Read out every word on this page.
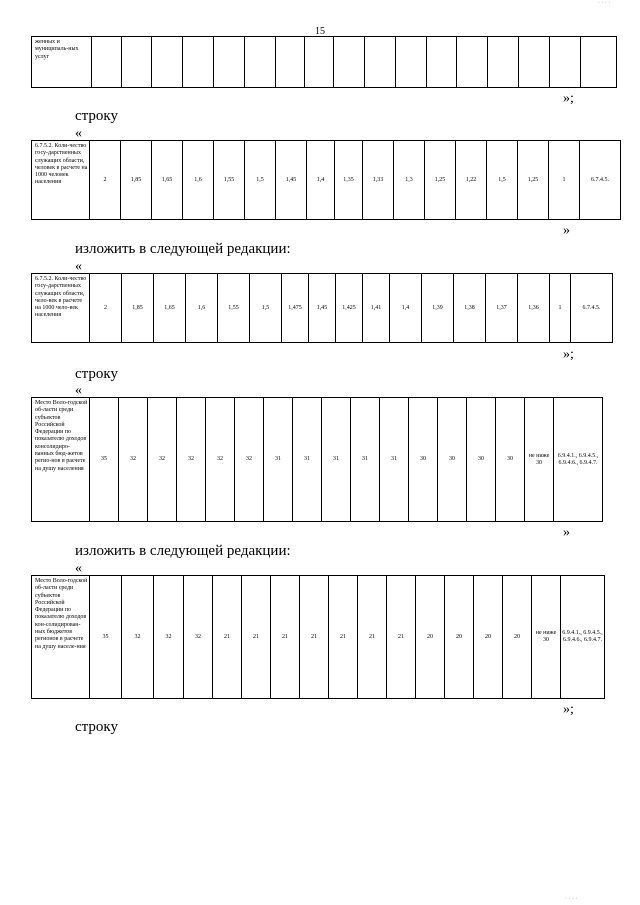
· · · ·
15
женных и муниципаль-ных услуг																	
»;
строку
«
6.7.5.2. Коли-чество госу-дарственных служащих области, человек в расчете на 1000 человек населения	2	1,85	1,65	1,6	1,55	1,5	1,45	1,4	1,35	1,33	1,3	1,25	1,22	1,5	1,25	1	6.7.4.5.
»
изложить в следующей редакции:
«
6.7.5.2. Коли-чество госу-дарственных служащих области, чело-век в расчете на 1000 чело-век населения	2	1,85	1,65	1,6	1,55	1,5	1,475	1,45	1,425	1,41	1,4	1,39	1,38	1,37	1,36	1	6.7.4.5.
»;
строку
«
Место Воло-годской об-ласти среди субъектов Российской Федерации по показателю доходов консолидиро-ванных бюд-жетов регио-нов в расчете на душу населения	35	32	32	32	32	32	31	31	31	31	31	30	30	30	30	не ниже 30	6.9.4.1., 6.9.4.5., 6.9.4.6., 6.9.4.7.
»
изложить в следующей редакции:
«
Место Воло-годской об-ласти среди субъектов Российской Федерации по показателю доходов кон-солидирован-ных бюджетов регионов в расчете на душу населе-ния	35	32	32	32	21	21	21	21	21	21	21	20	20	20	20	не ниже 30	6.9.4.1., 6.9.4.5., 6.9.4.6., 6.9.4.7.
»;
строку
· · · ·
